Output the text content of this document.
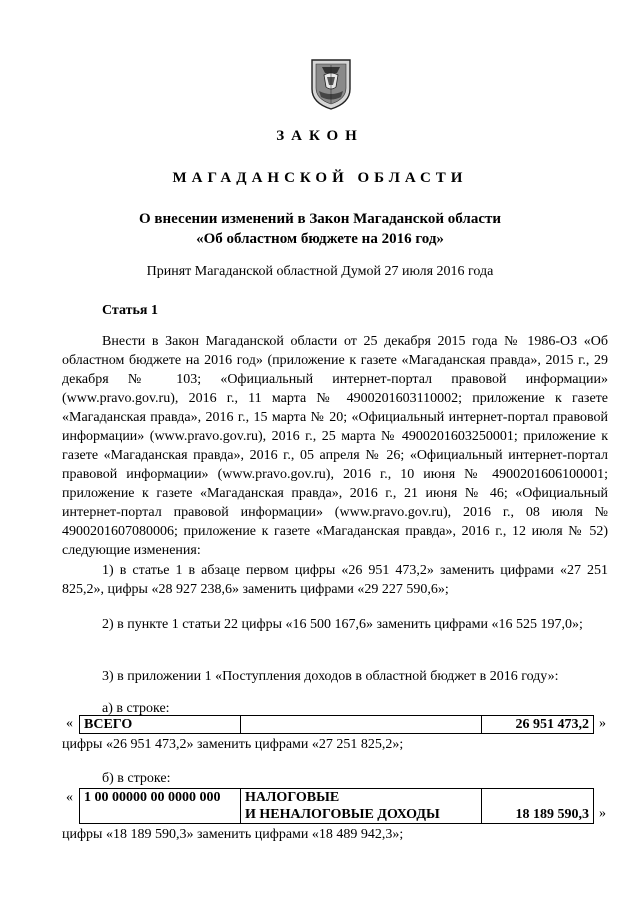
ЗАКОН
МАГАДАНСКОЙ ОБЛАСТИ
О внесении изменений в Закон Магаданской области
«Об областном бюджете на 2016 год»
Принят Магаданской областной Думой 27 июля 2016 года
Статья 1
Внести в Закон Магаданской области от 25 декабря 2015 года № 1986-ОЗ «Об областном бюджете на 2016 год» (приложение к газете «Магаданская правда», 2015 г., 29 декабря № 103; «Официальный интернет-портал правовой информации» (www.pravo.gov.ru), 2016 г., 11 марта № 4900201603110002; приложение к газете «Магаданская правда», 2016 г., 15 марта № 20; «Официальный интернет-портал правовой информации» (www.pravo.gov.ru), 2016 г., 25 марта № 4900201603250001; приложение к газете «Магаданская правда», 2016 г., 05 апреля № 26; «Официальный интернет-портал правовой информации» (www.pravo.gov.ru), 2016 г., 10 июня № 4900201606100001; приложение к газете «Магаданская правда», 2016 г., 21 июня № 46; «Официальный интернет-портал правовой информации» (www.pravo.gov.ru), 2016 г., 08 июля № 4900201607080006; приложение к газете «Магаданская правда», 2016 г., 12 июля № 52) следующие изменения:
1) в статье 1 в абзаце первом цифры «26 951 473,2» заменить цифрами «27 251 825,2», цифры «28 927 238,6» заменить цифрами «29 227 590,6»;
2) в пункте 1 статьи 22 цифры «16 500 167,6» заменить цифрами «16 525 197,0»;
3) в приложении 1 «Поступления доходов в областной бюджет в 2016 году»:
а) в строке:
« ВСЕГО		26 951 473,2 »
цифры «26 951 473,2» заменить цифрами «27 251 825,2»;
б) в строке:
« 1 00 00000 00 0000 000	НАЛОГОВЫЕ
И НЕНАЛОГОВЫЕ ДОХОДЫ	18 189 590,3 »
цифры «18 189 590,3» заменить цифрами «18 489 942,3»;
